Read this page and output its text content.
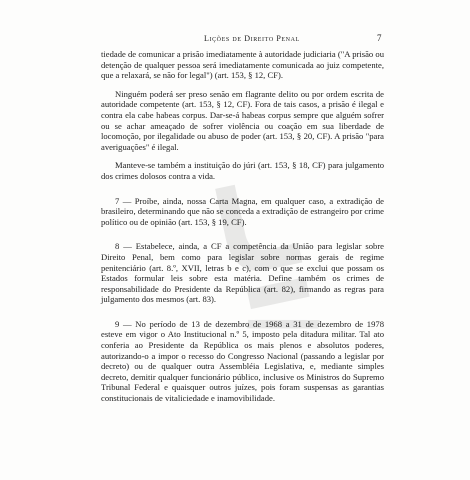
Lições de Direito Penal	7

tiedade de comunicar a prisão imediatamente à autoridade judiciaria ("A prisão ou detenção de qualquer pessoa será imediatamente comunicada ao juiz competente, que a relaxará, se não for legal") (art. 153, § 12, CF).

Ninguém poderá ser preso senão em flagrante delito ou por ordem escrita de autoridade competente (art. 153, § 12, CF). Fora de tais casos, a prisão é ilegal e contra ela cabe habeas corpus. Dar-se-á habeas corpus sempre que alguém sofrer ou se achar ameaçado de sofrer violência ou coação em sua liberdade de locomoção, por ilegalidade ou abuso de poder (art. 153, § 20, CF). A prisão "para averiguações" é ilegal.

Manteve-se também a instituição do júri (art. 153, § 18, CF) para julgamento dos crimes dolosos contra a vida.

7 — Proíbe, ainda, nossa Carta Magna, em qualquer caso, a extradição de brasileiro, determinando que não se conceda a extradição de estrangeiro por crime político ou de opinião (art. 153, § 19, CF).

8 — Estabelece, ainda, a CF a competência da União para legislar sobre Direito Penal, bem como para legislar sobre normas gerais de regime penitenciário (art. 8.º, XVII, letras b e c), com o que se exclui que possam os Estados formular leis sobre esta matéria. Define também os crimes de responsabilidade do Presidente da República (art. 82), firmando as regras para julgamento dos mesmos (art. 83).

9 — No período de 13 de dezembro de 1968 a 31 de dezembro de 1978 esteve em vigor o Ato Institucional n.º 5, imposto pela ditadura militar. Tal ato conferia ao Presidente da República os mais plenos e absolutos poderes, autorizando-o a impor o recesso do Congresso Nacional (passando a legislar por decreto) ou de qualquer outra Assembléia Legislativa, e, mediante simples decreto, demitir qualquer funcionário público, inclusive os Ministros do Supremo Tribunal Federal e quaisquer outros juízes, pois foram suspensas as garantias constitucionais de vitaliciedade e inamovibilidade.
